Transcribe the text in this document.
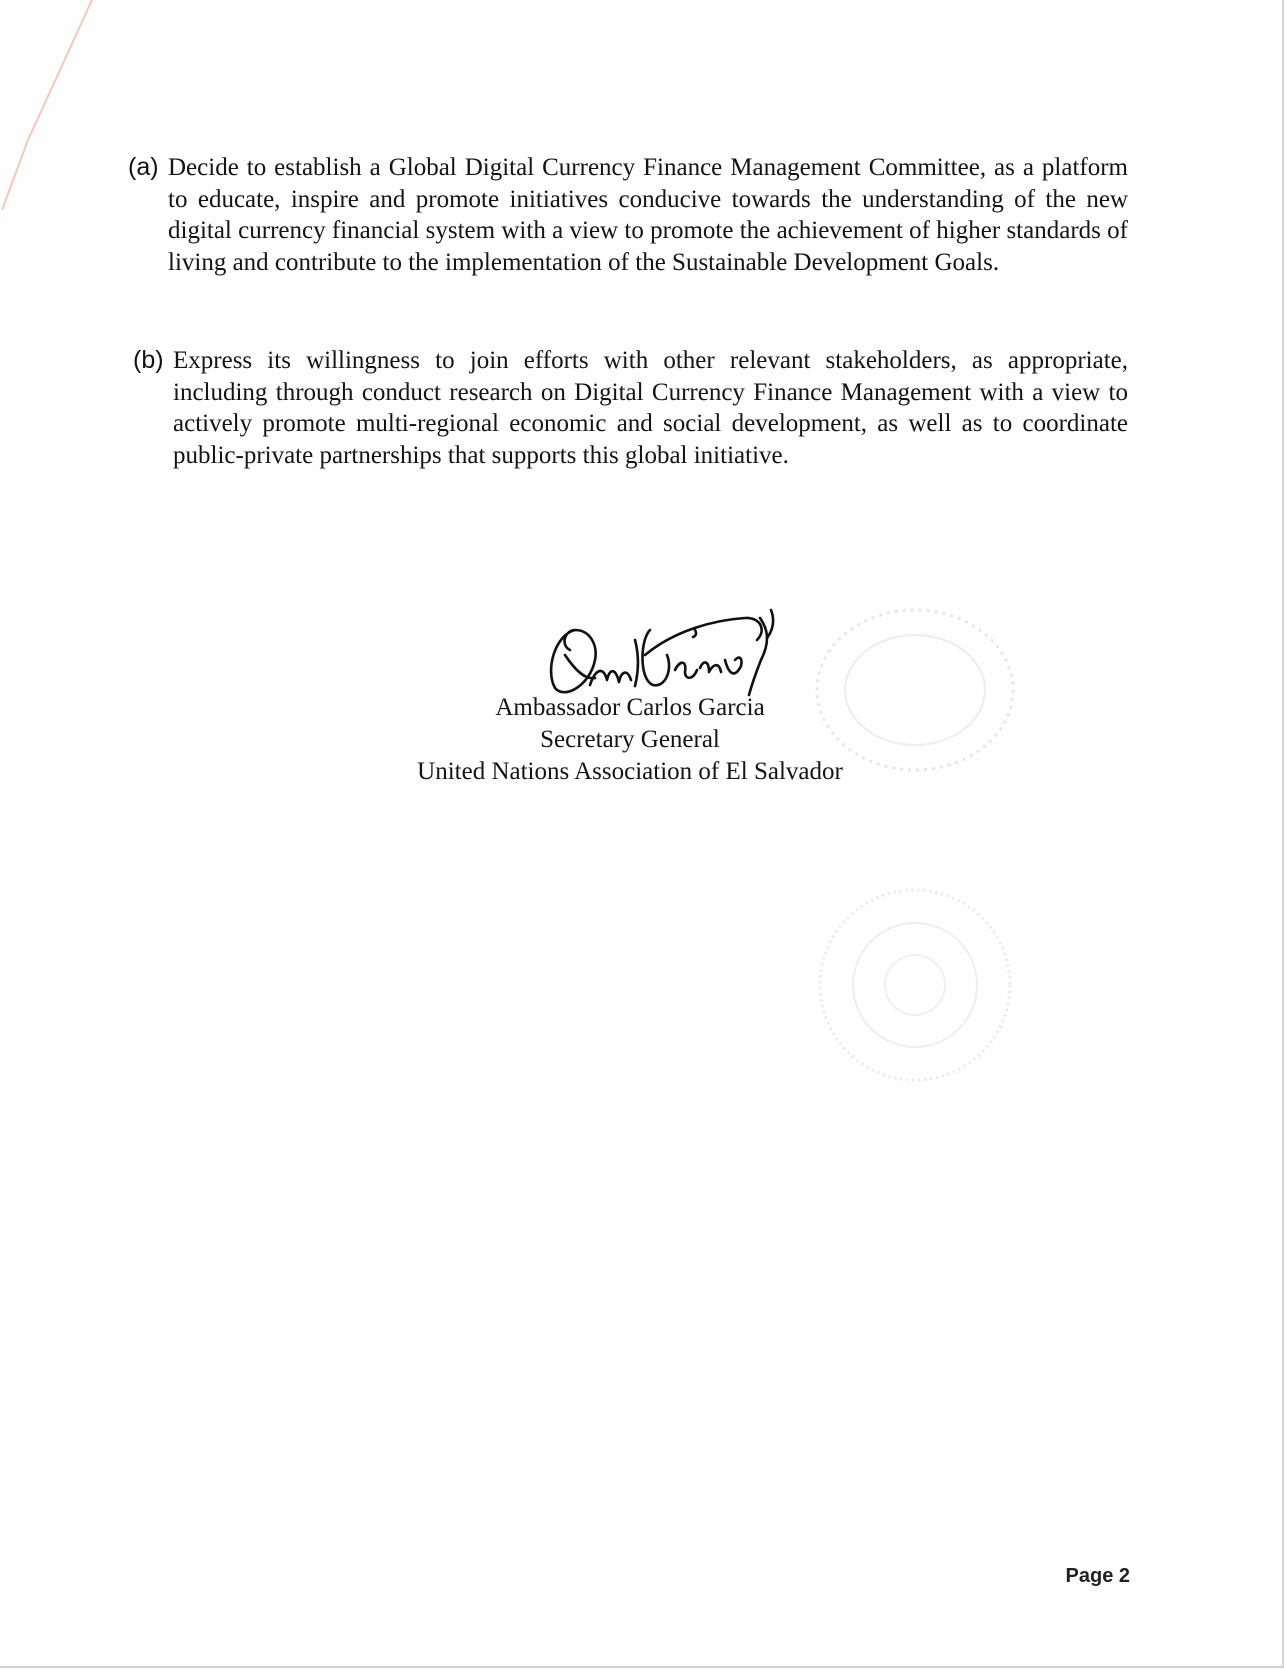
(a) Decide to establish a Global Digital Currency Finance Management Committee, as a platform to educate, inspire and promote initiatives conducive towards the understanding of the new digital currency financial system with a view to promote the achievement of higher standards of living and contribute to the implementation of the Sustainable Development Goals.
(b) Express its willingness to join efforts with other relevant stakeholders, as appropriate, including through conduct research on Digital Currency Finance Management with a view to actively promote multi-regional economic and social development, as well as to coordinate public-private partnerships that supports this global initiative.
Ambassador Carlos Garcia
Secretary General
United Nations Association of El Salvador
Page 2
